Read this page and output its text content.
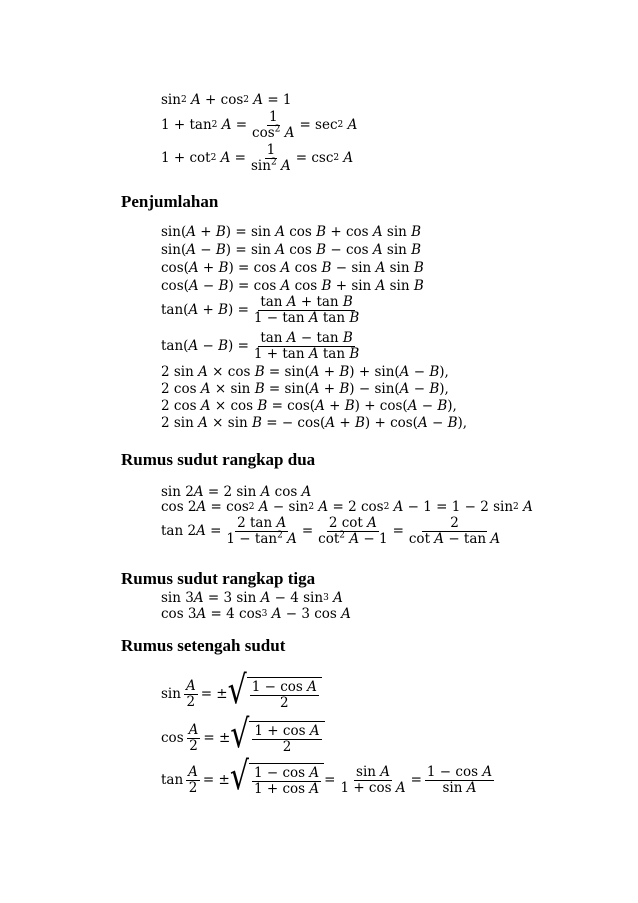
sin 2
A + cos 2
A = 1
1 + tan 2
$A = \frac{1}{\cos^2 A} = \sec 2$
A
1 + cot 2
$A = \frac{1}{\sin^2 A} = \csc 2$
A
Penjumlahan
sin( A + B ) = sin A cos B + cos A sin B
sin( A − B ) = sin A cos B − cos A sin B
cos( A + B ) = cos A cos B − sin A sin B
cos( A − B ) = cos A cos B + sin A sin B
tan( A + B ) = $\frac{\text{tan A + tan B}}{\text{1 − tan A tan B}}$
tan( A − B ) = $\frac{\text{tan A − tan B}}{\text{1 + tan A tan B}}$
2 sin A × cos B = sin( A + B ) + sin( A − B ),
2 cos A × sin B = sin( A + B ) − sin( A − B ),
2 cos A × cos B = cos( A + B ) + cos( A − B ),
2 sin A × sin B = − cos( A + B ) + cos( A − B ),
Rumus sudut rangkap dua
sin 2 A = 2 sin A cos A
cos 2 A = cos 2
A − sin 2
A = 2 cos 2
A − 1 = 1 − 2 sin 2
A
tan 2 $A = \frac{\text{2 tan A}}{1 - \tan^2 A} = \frac{\text{2 cot A}}{\cot^2 A - 1} = \frac{2}{\text{cot A − tan A}}$
Rumus sudut rangkap tiga
sin 3 A = 3 sin A − 4 sin 3
A
cos 3 A = 4 cos 3
A − 3 cos A
Rumus setengah sudut
$\sin \frac{A}{2}$ = ± √ $\frac{\text{1 − cos A}}{2}$
$\cos \frac{A}{2}$ = ± √ $\frac{\text{1 + cos A}}{2}$
$\tan \frac{A}{2}$ = ± √ $\frac{\text{1 − cos A}}{\text{1 + cos A}} = \frac{\text{sin A}}{\text{1 + cos A}} = \frac{\text{1 − cos A}}{\text{sin A}}$
